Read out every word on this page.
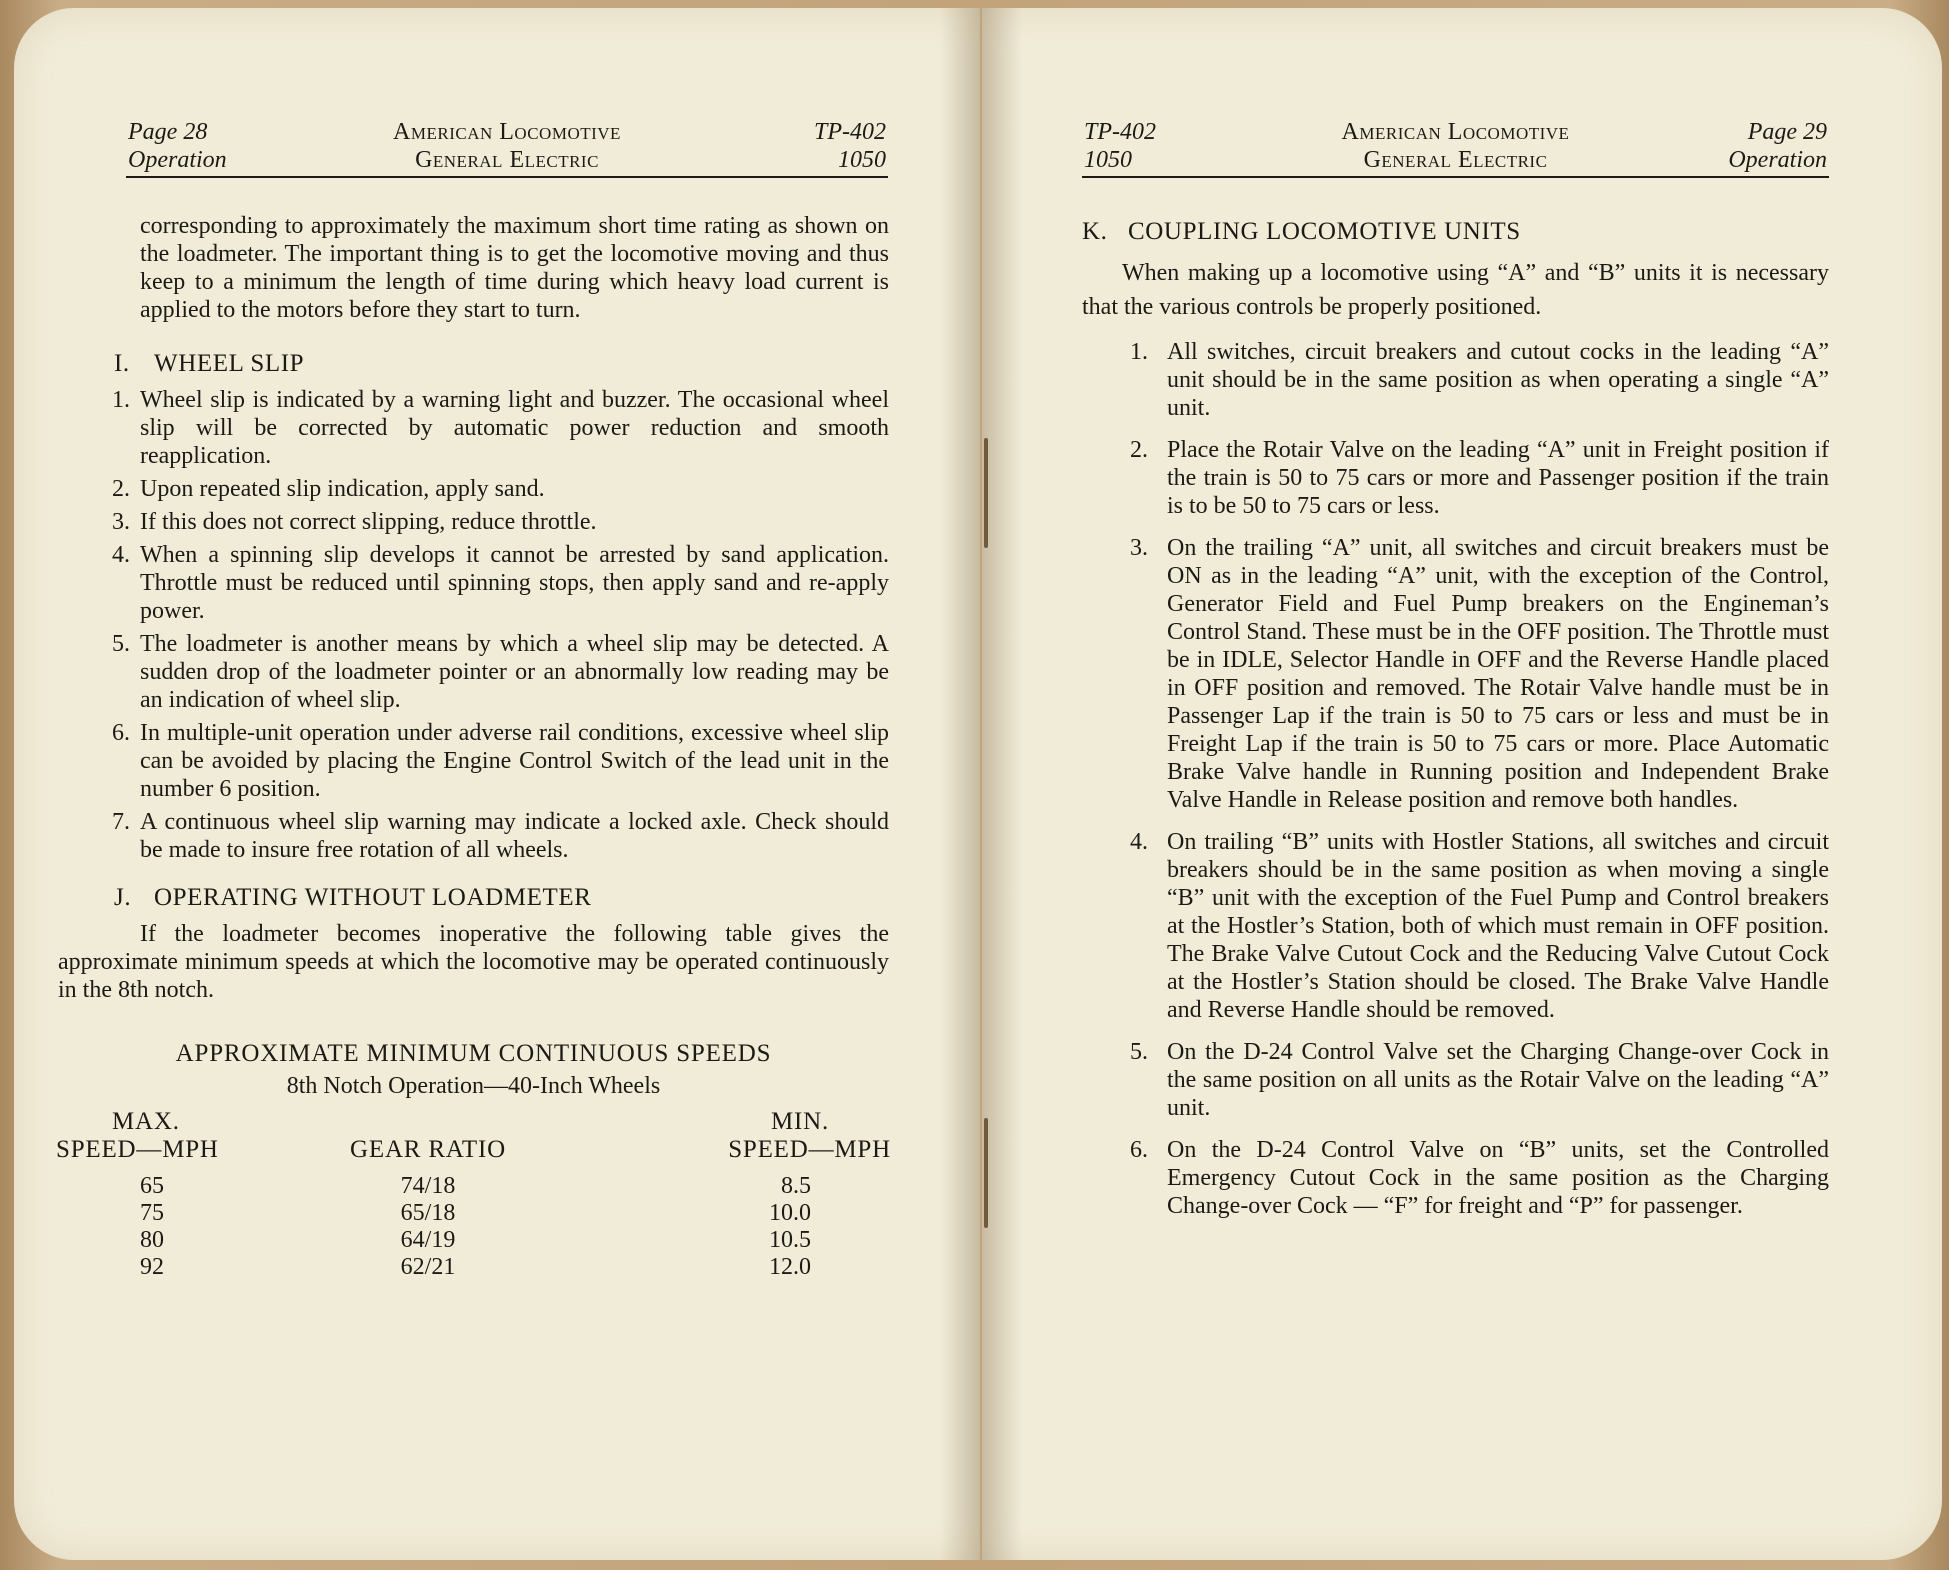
Page 28
Operation
American Locomotive
General Electric
TP-402
1050

corresponding to approximately the maximum short time rating as shown on the loadmeter. The important thing is to get the locomotive moving and thus keep to a minimum the length of time during which heavy load current is applied to the motors before they start to turn.

I. WHEEL SLIP
1. Wheel slip is indicated by a warning light and buzzer. The occasional wheel slip will be corrected by automatic power reduction and smooth reapplication.
2. Upon repeated slip indication, apply sand.
3. If this does not correct slipping, reduce throttle.
4. When a spinning slip develops it cannot be arrested by sand application. Throttle must be reduced until spinning stops, then apply sand and re-apply power.
5. The loadmeter is another means by which a wheel slip may be detected. A sudden drop of the loadmeter pointer or an abnormally low reading may be an indication of wheel slip.
6. In multiple-unit operation under adverse rail conditions, excessive wheel slip can be avoided by placing the Engine Control Switch of the lead unit in the number 6 position.
7. A continuous wheel slip warning may indicate a locked axle. Check should be made to insure free rotation of all wheels.
J. OPERATING WITHOUT LOADMETER

If the loadmeter becomes inoperative the following table gives the approximate minimum speeds at which the locomotive may be operated continuously in the 8th notch.

APPROXIMATE MINIMUM CONTINUOUS SPEEDS
8th Notch Operation—40-Inch Wheels
MAX.
SPEED—MPH
65
75
80
92
GEAR RATIO
74/18
65/18
64/19
62/21
MIN.
SPEED—MPH
8.5
10.0
10.5
12.0
TP-402
1050
American Locomotive
General Electric
Page 29
Operation
K. COUPLING LOCOMOTIVE UNITS

When making up a locomotive using “A” and “B” units it is necessary that the various controls be properly positioned.

1. All switches, circuit breakers and cutout cocks in the leading “A” unit should be in the same position as when operating a single “A” unit.
2. Place the Rotair Valve on the leading “A” unit in Freight position if the train is 50 to 75 cars or more and Passenger position if the train is to be 50 to 75 cars or less.
3. On the trailing “A” unit, all switches and circuit breakers must be ON as in the leading “A” unit, with the exception of the Control, Generator Field and Fuel Pump breakers on the Engineman’s Control Stand. These must be in the OFF position. The Throttle must be in IDLE, Selector Handle in OFF and the Reverse Handle placed in OFF position and removed. The Rotair Valve handle must be in Passenger Lap if the train is 50 to 75 cars or less and must be in Freight Lap if the train is 50 to 75 cars or more. Place Automatic Brake Valve handle in Running position and Independent Brake Valve Handle in Release position and remove both handles.
4. On trailing “B” units with Hostler Stations, all switches and circuit breakers should be in the same position as when moving a single “B” unit with the exception of the Fuel Pump and Control breakers at the Hostler’s Station, both of which must remain in OFF position. The Brake Valve Cutout Cock and the Reducing Valve Cutout Cock at the Hostler’s Station should be closed. The Brake Valve Handle and Reverse Handle should be removed.
5. On the D-24 Control Valve set the Charging Change-over Cock in the same position on all units as the Rotair Valve on the leading “A” unit.
6. On the D-24 Control Valve on “B” units, set the Controlled Emergency Cutout Cock in the same position as the Charging Change-over Cock — “F” for freight and “P” for passenger.
